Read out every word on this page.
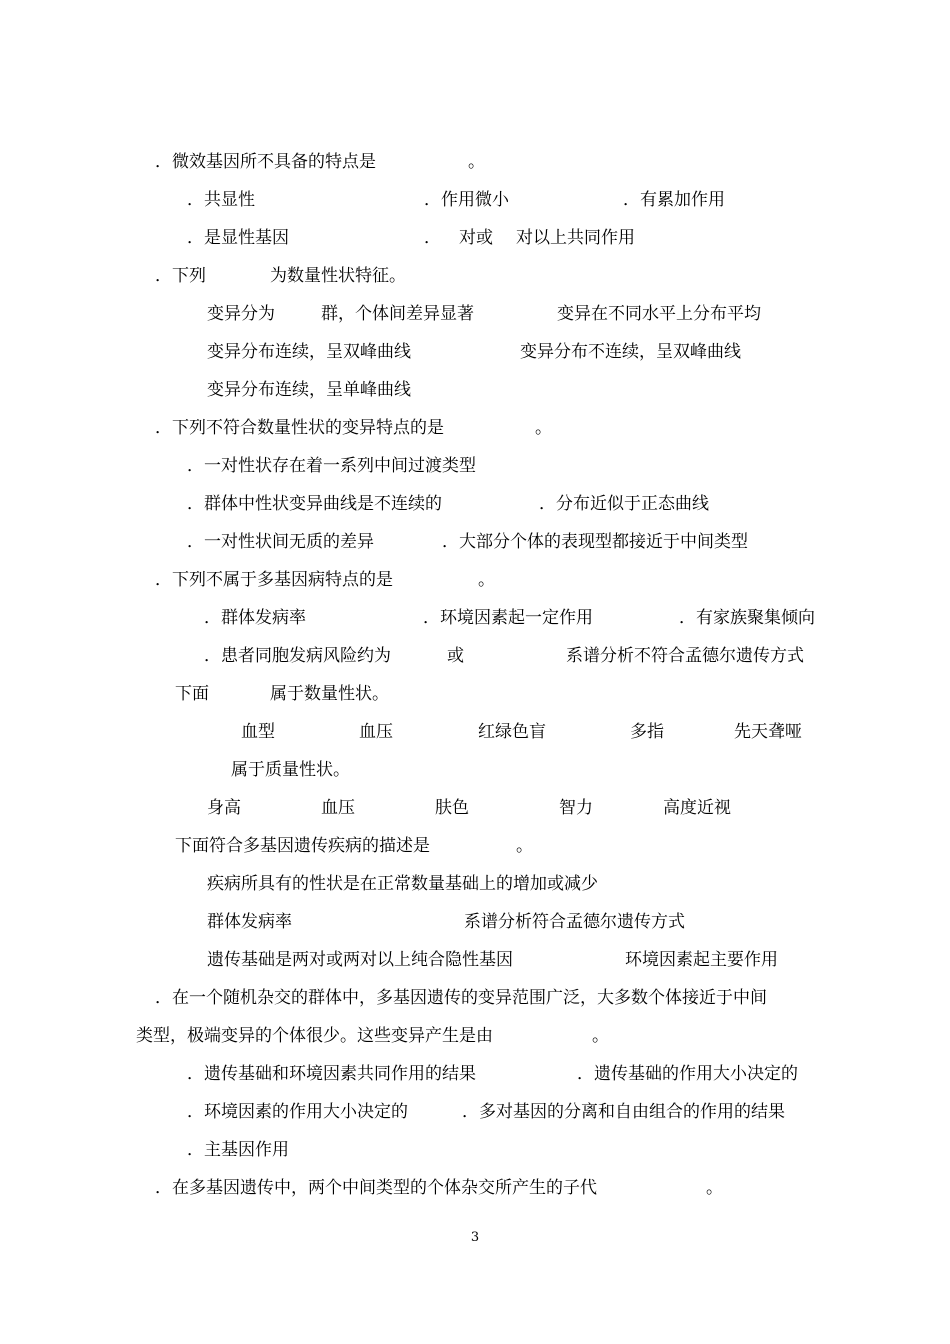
．微效基因所不具备的特点是	。
．共显性	．作用微小	．有累加作用
．是显性基因	． 对或 对以上共同作用
．下列	为数量性状特征。
变异分为	群，个体间差异显著	变异在不同水平上分布平均
变异分布连续，呈双峰曲线	变异分布不连续，呈双峰曲线
变异分布连续，呈单峰曲线
．下列不符合数量性状的变异特点的是	。
．一对性状存在着一系列中间过渡类型
．群体中性状变异曲线是不连续的	．分布近似于正态曲线
．一对性状间无质的差异	．大部分个体的表现型都接近于中间类型
．下列不属于多基因病特点的是	。
．群体发病率	．环境因素起一定作用	．有家族聚集倾向
．患者同胞发病风险约为	或	系谱分析不符合孟德尔遗传方式
下面	属于数量性状。
血型	血压	红绿色盲	多指	先天聋哑
属于质量性状。
身高	血压	肤色	智力	高度近视
下面符合多基因遗传疾病的描述是	。
疾病所具有的性状是在正常数量基础上的增加或减少
群体发病率	系谱分析符合孟德尔遗传方式
遗传基础是两对或两对以上纯合隐性基因	环境因素起主要作用
．在一个随机杂交的群体中，多基因遗传的变异范围广泛，大多数个体接近于中间
类型，极端变异的个体很少。这些变异产生是由	。
．遗传基础和环境因素共同作用的结果	．遗传基础的作用大小决定的
．环境因素的作用大小决定的	．多对基因的分离和自由组合的作用的结果
．主基因作用
．在多基因遗传中，两个中间类型的个体杂交所产生的子代	。
3
